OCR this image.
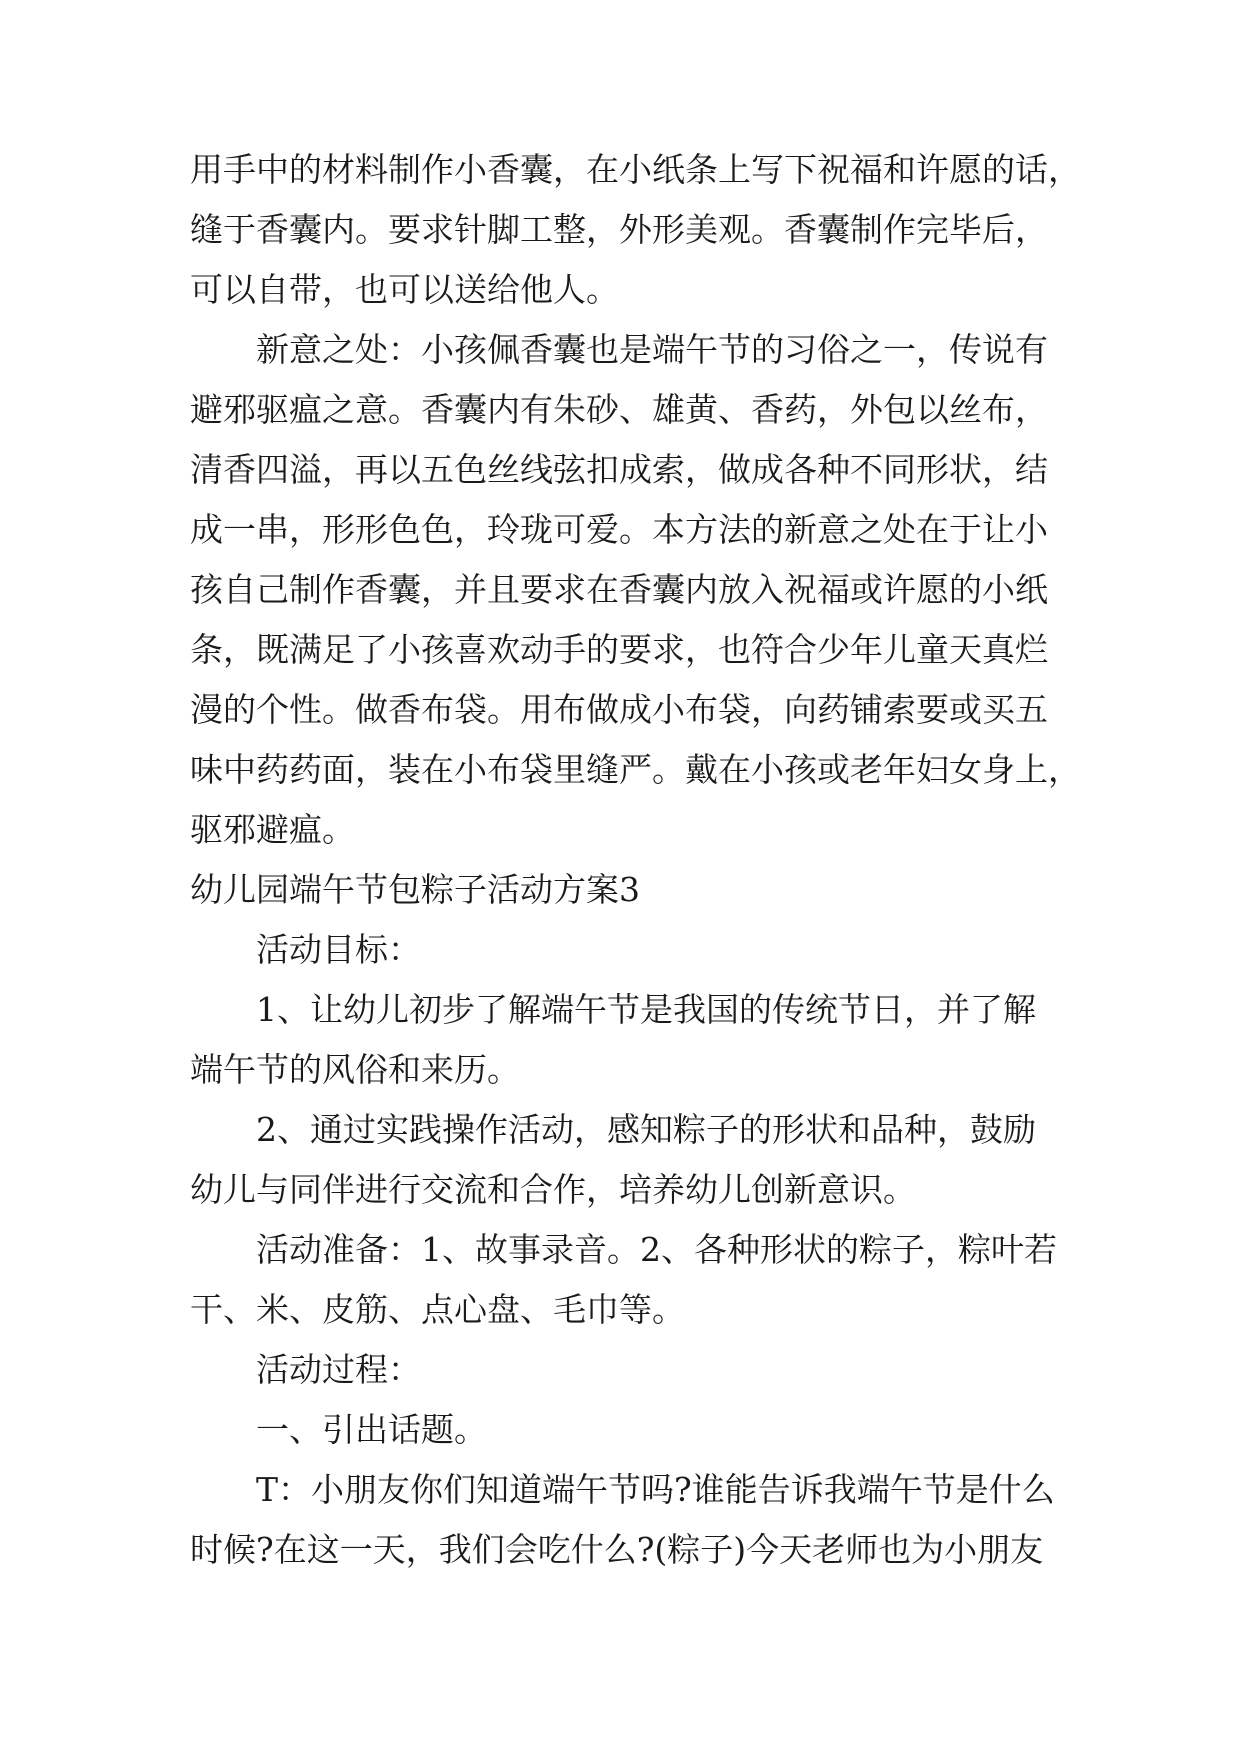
用手中的材料制作小香囊，在小纸条上写下祝福和许愿的话，
缝于香囊内。要求针脚工整，外形美观。香囊制作完毕后，
可以自带，也可以送给他人。
新意之处：小孩佩香囊也是端午节的习俗之一，传说有
避邪驱瘟之意。香囊内有朱砂、雄黄、香药，外包以丝布，
清香四溢，再以五色丝线弦扣成索，做成各种不同形状，结
成一串，形形色色，玲珑可爱。本方法的新意之处在于让小
孩自己制作香囊，并且要求在香囊内放入祝福或许愿的小纸
条，既满足了小孩喜欢动手的要求，也符合少年儿童天真烂
漫的个性。做香布袋。用布做成小布袋，向药铺索要或买五
味中药药面，装在小布袋里缝严。戴在小孩或老年妇女身上，
驱邪避瘟。
幼儿园端午节包粽子活动方案3
活动目标：
1、让幼儿初步了解端午节是我国的传统节日，并了解
端午节的风俗和来历。
2、通过实践操作活动，感知粽子的形状和品种，鼓励
幼儿与同伴进行交流和合作，培养幼儿创新意识。
活动准备：1、故事录音。2、各种形状的粽子，粽叶若
干、米、皮筋、点心盘、毛巾等。
活动过程：
一、引出话题。
T：小朋友你们知道端午节吗?谁能告诉我端午节是什么
时候?在这一天，我们会吃什么?(粽子)今天老师也为小朋友
